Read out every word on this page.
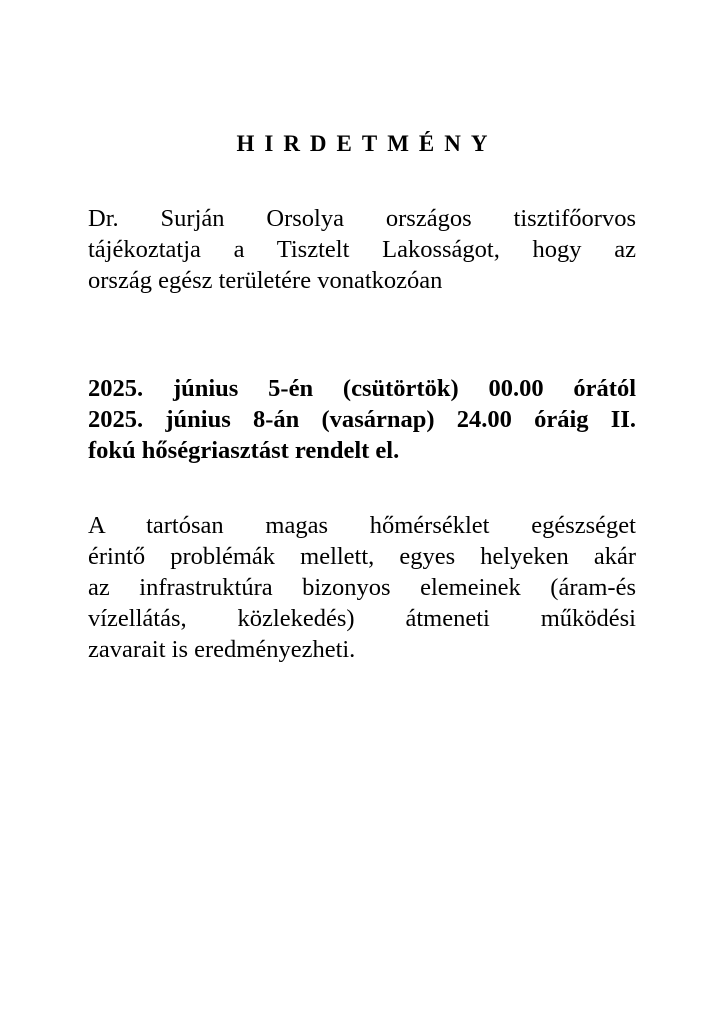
HIRDETMÉNY
Dr. Surján Orsolya országos tisztifőorvos
tájékoztatja a Tisztelt Lakosságot, hogy az
ország egész területére vonatkozóan
2025. június 5-én (csütörtök) 00.00 órától
2025. június 8-án (vasárnap) 24.00 óráig II.
fokú hőségriasztást rendelt el.
A tartósan magas hőmérséklet egészséget
érintő problémák mellett, egyes helyeken akár
az infrastruktúra bizonyos elemeinek (áram-és
vízellátás, közlekedés) átmeneti működési
zavarait is eredményezheti.
